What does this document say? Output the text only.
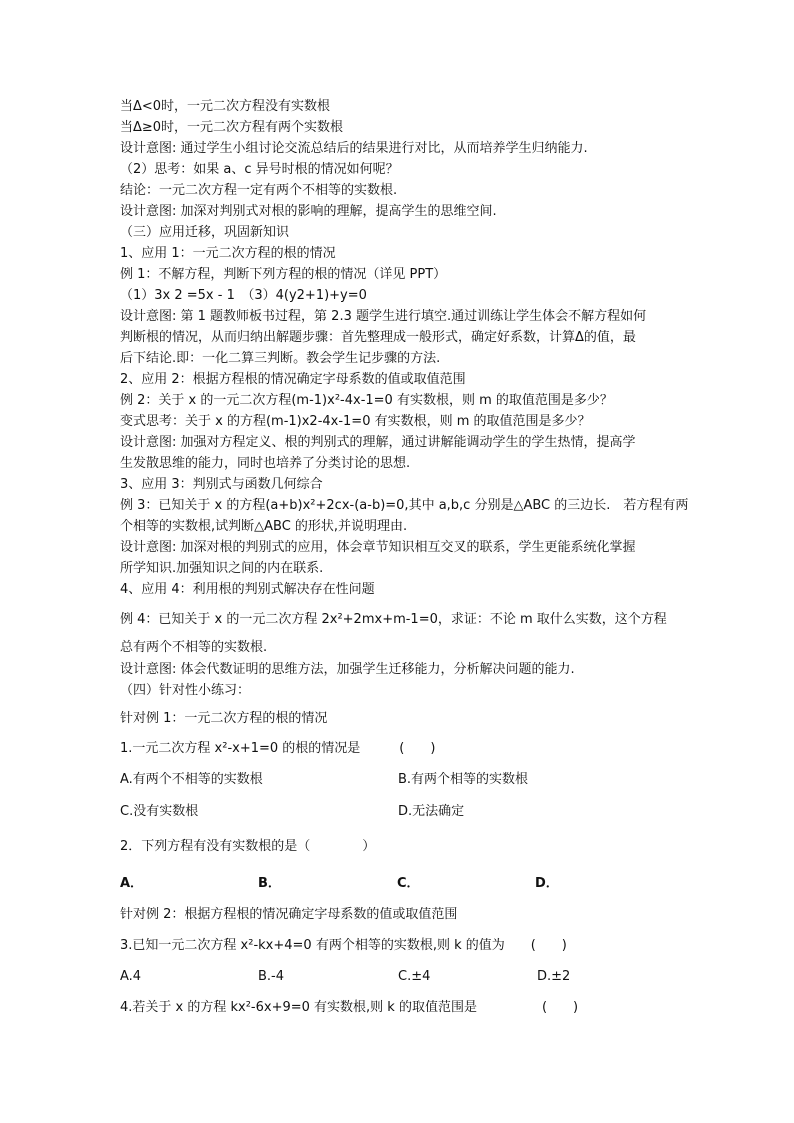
当Δ<0时，一元二次方程没有实数根
当Δ≥0时，一元二次方程有两个实数根
设计意图: 通过学生小组讨论交流总结后的结果进行对比，从而培养学生归纳能力.
（2）思考：如果 a、c 异号时根的情况如何呢？
结论：一元二次方程一定有两个不相等的实数根.
设计意图: 加深对判别式对根的影响的理解，提高学生的思维空间.
（三）应用迁移，巩固新知识
1、应用 1：一元二次方程的根的情况
例 1：不解方程，判断下列方程的根的情况（详见 PPT）
（1）3x 2 =5x - 1　（3）4(y2+1)+y=0
设计意图: 第 1 题教师板书过程，第 2.3 题学生进行填空.通过训练让学生体会不解方程如何
判断根的情况，从而归纳出解题步骤：首先整理成一般形式，确定好系数，计算Δ的值，最
后下结论.即：一化二算三判断。教会学生记步骤的方法.
2、应用 2：根据方程根的情况确定字母系数的值或取值范围
例 2：关于 x 的一元二次方程(m-1)x²-4x-1=0 有实数根，则 m 的取值范围是多少？
变式思考：关于 x 的方程(m-1)x2-4x-1=0 有实数根，则 m 的取值范围是多少？
设计意图: 加强对方程定义、根的判别式的理解，通过讲解能调动学生的学生热情，提高学
生发散思维的能力，同时也培养了分类讨论的思想.
3、应用 3：判别式与函数几何综合
例 3：已知关于 x 的方程(a+b)x²+2cx-(a-b)=0,其中 a,b,c 分别是△ABC 的三边长.　若方程有两
个相等的实数根,试判断△ABC 的形状,并说明理由.
设计意图: 加深对根的判别式的应用，体会章节知识相互交叉的联系，学生更能系统化掌握
所学知识.加强知识之间的内在联系.
4、应用 4：利用根的判别式解决存在性问题
例 4：已知关于 x 的一元二次方程 2x²+2mx+m-1=0，求证：不论 m 取什么实数，这个方程
总有两个不相等的实数根.
设计意图: 体会代数证明的思维方法，加强学生迁移能力，分析解决问题的能力.
（四）针对性小练习：
针对例 1：一元二次方程的根的情况
1.一元二次方程 x²-x+1=0 的根的情况是　　　(　　)
A.有两个不相等的实数根	B.有两个相等的实数根
C.没有实数根	D.无法确定
2．下列方程有没有实数根的是（　　　　）
A．	B．	C．	D．
针对例 2：根据方程根的情况确定字母系数的值或取值范围
3.已知一元二次方程 x²-kx+4=0 有两个相等的实数根,则 k 的值为　　(　　)
A.4	B.-4	C.±4	D.±2
4.若关于 x 的方程 kx²-6x+9=0 有实数根,则 k 的取值范围是　　　　　(　　)
